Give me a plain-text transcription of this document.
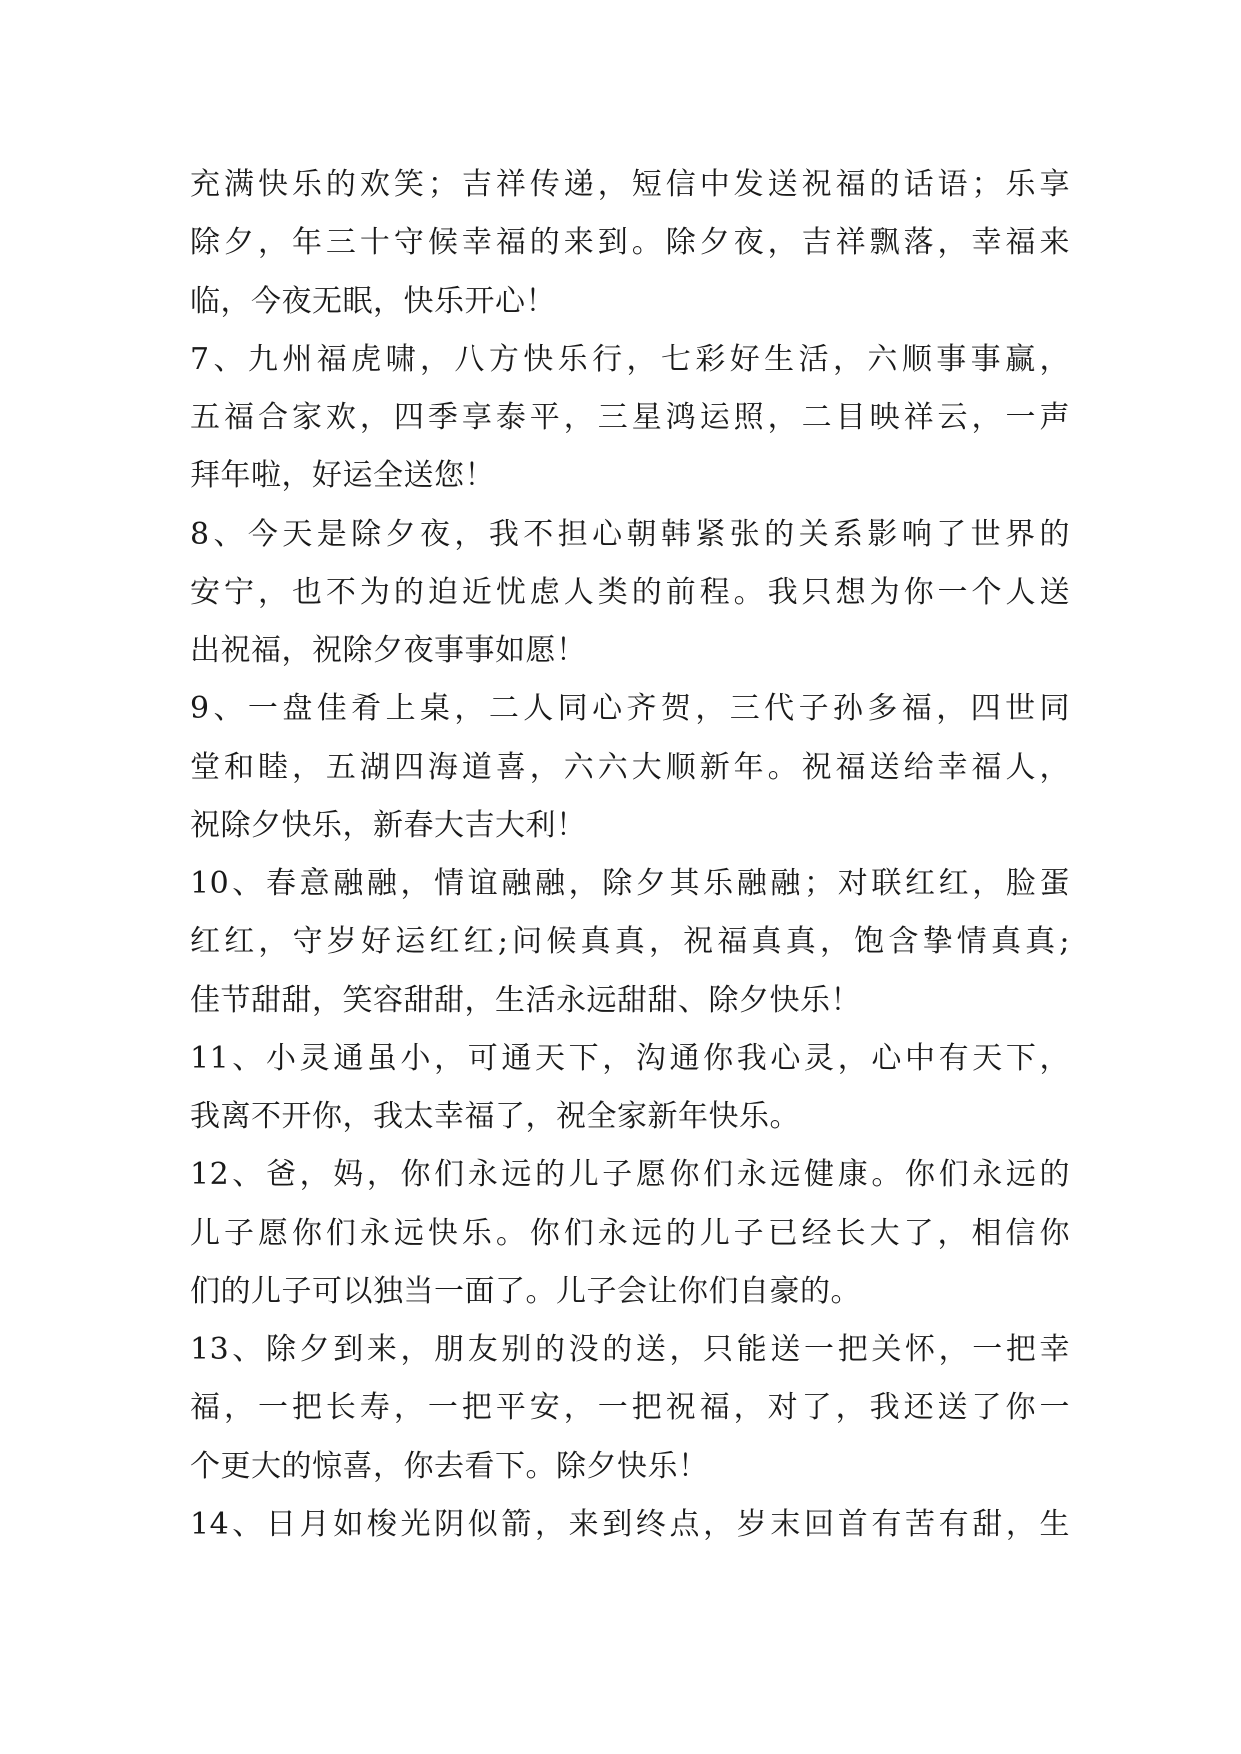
充满快乐的欢笑；吉祥传递，短信中发送祝福的话语；乐享
除夕，年三十守候幸福的来到。除夕夜，吉祥飘落，幸福来
临，今夜无眠，快乐开心！
7、九州福虎啸，八方快乐行，七彩好生活，六顺事事赢，
五福合家欢，四季享泰平，三星鸿运照，二目映祥云，一声
拜年啦，好运全送您！
8、今天是除夕夜，我不担心朝韩紧张的关系影响了世界的
安宁，也不为的迫近忧虑人类的前程。我只想为你一个人送
出祝福，祝除夕夜事事如愿！
9、一盘佳肴上桌，二人同心齐贺，三代子孙多福，四世同
堂和睦，五湖四海道喜，六六大顺新年。祝福送给幸福人，
祝除夕快乐，新春大吉大利！
10、春意融融，情谊融融，除夕其乐融融；对联红红，脸蛋
红红，守岁好运红红;问候真真，祝福真真，饱含挚情真真;
佳节甜甜，笑容甜甜，生活永远甜甜、除夕快乐！
11、小灵通虽小，可通天下，沟通你我心灵，心中有天下，
我离不开你，我太幸福了，祝全家新年快乐。
12、爸，妈，你们永远的儿子愿你们永远健康。你们永远的
儿子愿你们永远快乐。你们永远的儿子已经长大了，相信你
们的儿子可以独当一面了。儿子会让你们自豪的。
13、除夕到来，朋友别的没的送，只能送一把关怀，一把幸
福，一把长寿，一把平安，一把祝福，对了，我还送了你一
个更大的惊喜，你去看下。除夕快乐！
14、日月如梭光阴似箭，来到终点，岁末回首有苦有甜，生
